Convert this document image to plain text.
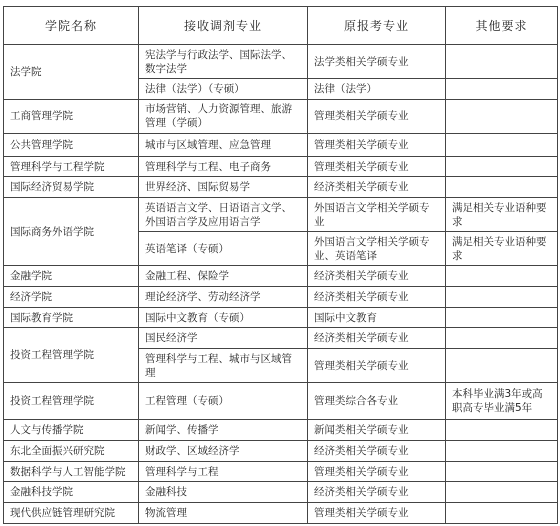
学院名称	接收调剂专业	原报考专业	其他要求
法学院	宪法学与行政法学、国际法学、数字法学	法学类相关学硕专业	
	法律（法学）（专硕）	法律（法学）	
工商管理学院	市场营销、人力资源管理、旅游管理（学硕）	管理类相关学硕专业	
公共管理学院	城市与区域管理、应急管理	管理类相关学硕专业	
管理科学与工程学院	管理科学与工程、电子商务	管理类相关学硕专业	
国际经济贸易学院	世界经济、国际贸易学	经济类相关学硕专业	
国际商务外语学院	英语语言文学、日语语言文学、外国语言学及应用语言学	外国语言文学相关学硕专业	满足相关专业语种要求
	英语笔译（专硕）	外国语言文学相关学硕专业、英语笔译	满足相关专业语种要求
金融学院	金融工程、保险学	经济类相关学硕专业	
经济学院	理论经济学、劳动经济学	经济类相关学硕专业	
国际教育学院	国际中文教育（专硕）	国际中文教育	
投资工程管理学院	国民经济学	经济类相关学硕专业	
	管理科学与工程、城市与区域管理	管理类相关学硕专业	
投资工程管理学院	工程管理（专硕）	管理类综合各专业	本科毕业满3年或高职高专毕业满5年
人文与传播学院	新闻学、传播学	新闻类相关学硕专业	
东北全面振兴研究院	财政学、区域经济学	经济类相关学硕专业	
数据科学与人工智能学院	管理科学与工程	管理类相关学硕专业	
金融科技学院	金融科技	经济类相关学硕专业	
现代供应链管理研究院	物流管理	管理类相关学硕专业	
